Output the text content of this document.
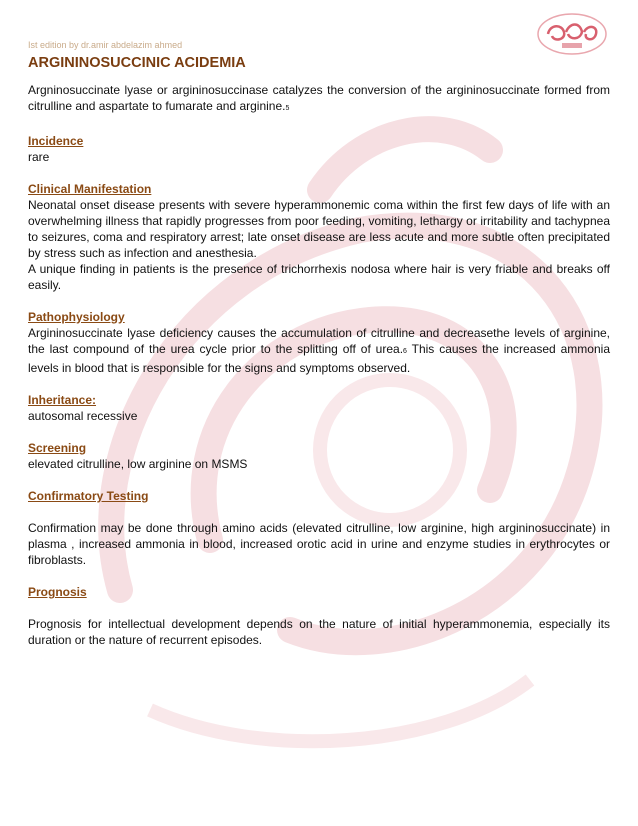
Ist edition by dr.amir abdelazim ahmed
ARGININOSUCCINIC ACIDEMIA

Argninosuccinate lyase or argininosuccinase catalyzes the conversion of the argininosuccinate formed from citrulline and aspartate to fumarate and arginine.5

Incidence

rare

Clinical Manifestation

Neonatal onset disease presents with severe hyperammonemic coma within the first few days of life with an overwhelming illness that rapidly progresses from poor feeding, vomiting, lethargy or irritability and tachypnea to seizures, coma and respiratory arrest; late onset disease are less acute and more subtle often precipitated by stress such as infection and anesthesia.

A unique finding in patients is the presence of trichorrhexis nodosa where hair is very friable and breaks off easily.

Pathophysiology

Argininosuccinate lyase deficiency causes the accumulation of citrulline and decreasethe levels of arginine, the last compound of the urea cycle prior to the splitting off of urea.6 This causes the increased ammonia levels in blood that is responsible for the signs and symptoms observed.

Inheritance:

autosomal recessive

Screening

elevated citrulline, low arginine on MSMS

Confirmatory Testing

Confirmation may be done through amino acids (elevated citrulline, low arginine, high argininosuccinate) in plasma , increased ammonia in blood, increased orotic acid in urine and enzyme studies in erythrocytes or fibroblasts.

Prognosis

Prognosis for intellectual development depends on the nature of initial hyperammonemia, especially its duration or the nature of recurrent episodes.
